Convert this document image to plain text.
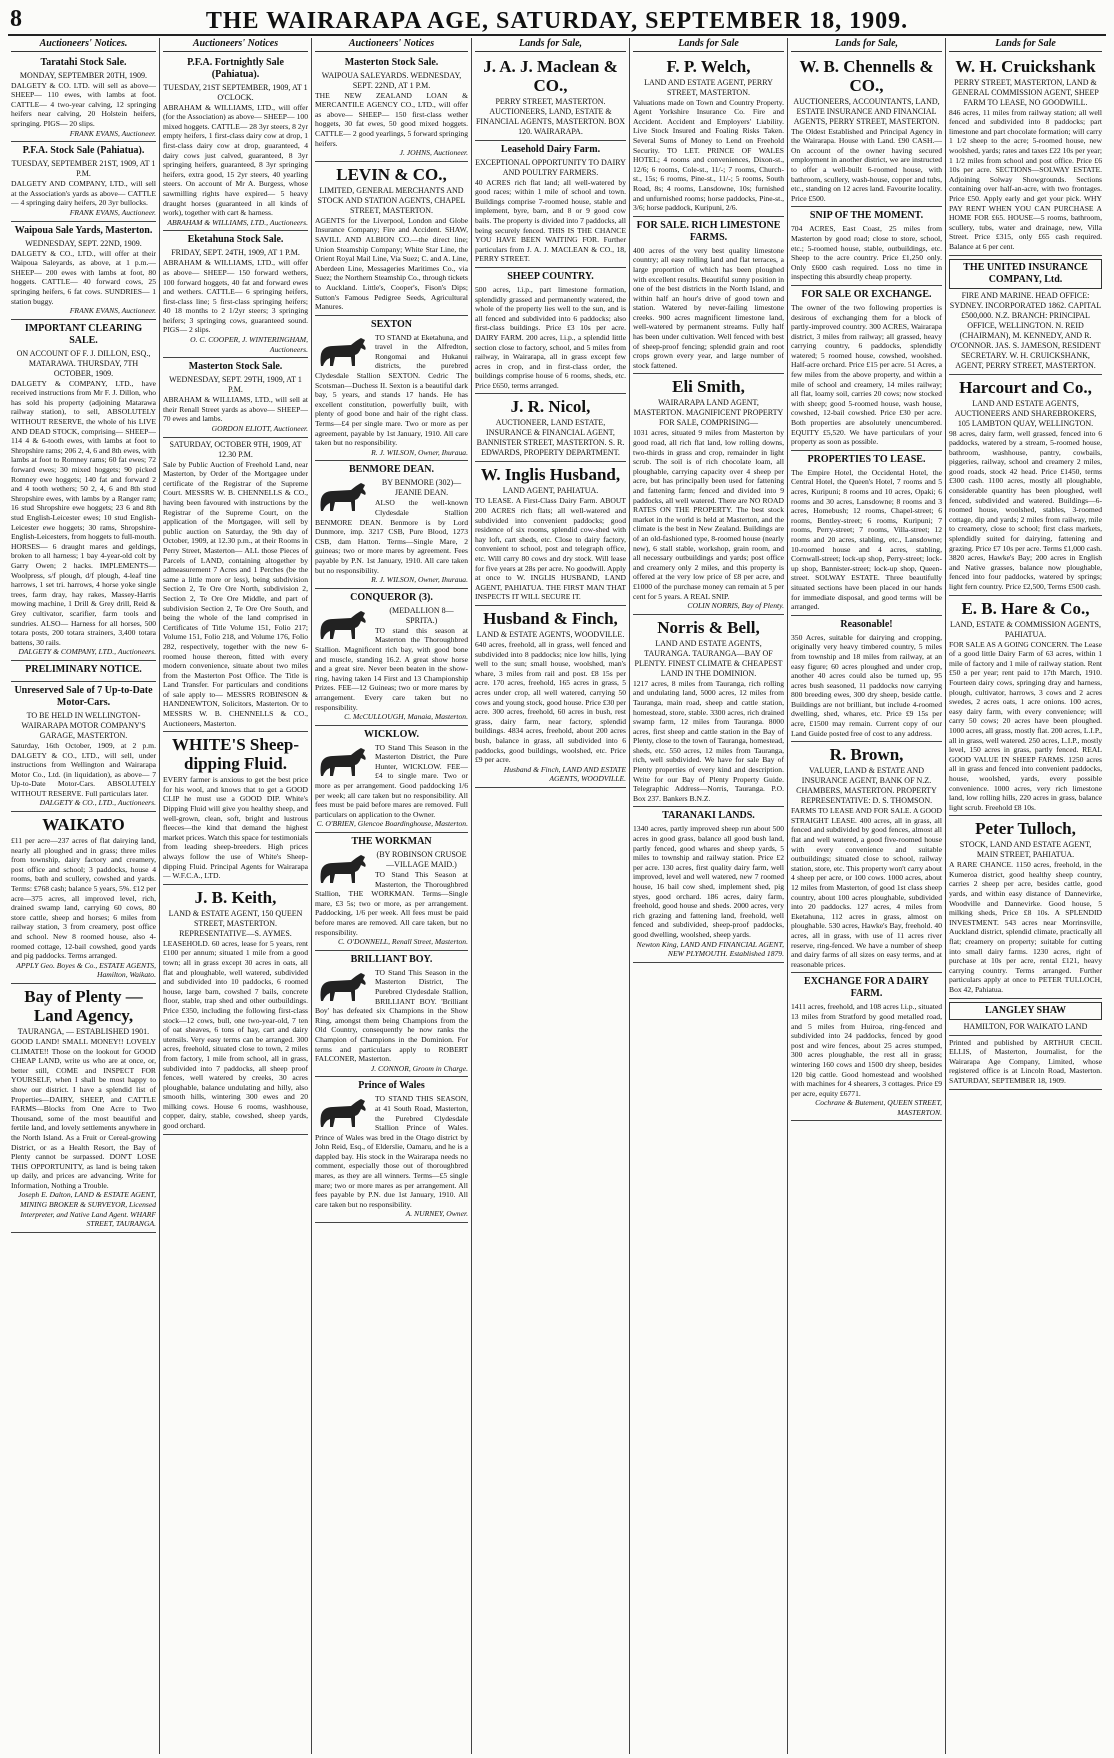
8	THE WAIRARAPA AGE, SATURDAY, SEPTEMBER 18, 1909.
Auctioneers' Notices.
Taratahi Stock Sale.
MONDAY, SEPTEMBER 20TH, 1909.
DALGETY & CO. LTD. will sell as above— SHEEP— 110 ewes, with lambs at foot. CATTLE— 4 two-year calving, 12 springing heifers near calving, 20 Holstein heifers, springing. PIGS— 20 slips.
FRANK EVANS, Auctioneer.
P.F.A. Stock Sale (Pahiatua).
TUESDAY, SEPTEMBER 21ST, 1909, AT 1 P.M.
DALGETY AND COMPANY, LTD., will sell at the Association's yards as above— CATTLE— 4 springing dairy heifers, 20 3yr bullocks.
FRANK EVANS, Auctioneer.
Waipoua Sale Yards, Masterton.
WEDNESDAY, SEPT. 22ND, 1909.
DALGETY & CO., LTD., will offer at their Waipoua Saleyards, as above, at 1 p.m.— SHEEP— 200 ewes with lambs at foot, 80 hoggets. CATTLE— 40 forward cows, 25 springing heifers, 6 fat cows. SUNDRIES— 1 station buggy.
FRANK EVANS, Auctioneer.
IMPORTANT CLEARING SALE.
ON ACCOUNT OF F. J. DILLON, ESQ., MATARAWA. THURSDAY, 7TH OCTOBER, 1909.
DALGETY & COMPANY, LTD., have received instructions from Mr F. J. Dillon, who has sold his property (adjoining Matarawa railway station), to sell, ABSOLUTELY WITHOUT RESERVE, the whole of his LIVE AND DEAD STOCK, comprising— SHEEP— 114 4 & 6-tooth ewes, with lambs at foot to Shropshire rams; 206 2, 4, 6 and 8th ewes, with lambs at foot to Romney rams; 60 fat ewes; 72 forward ewes; 30 mixed hoggets; 90 picked Romney ewe hoggets; 140 fat and forward 2 and 4 tooth wethers; 50 2, 4, 6 and 8th stud Shropshire ewes, with lambs by a Ranger ram; 16 stud Shropshire ewe hoggets; 23 6 and 8th stud English-Leicester ewes; 10 stud English-Leicester ewe hoggets; 30 rams, Shropshire-English-Leicesters, from hoggets to full-mouth. HORSES— 6 draught mares and geldings, broken to all harness; 1 bay 4-year-old colt by Garry Owen; 2 hacks. IMPLEMENTS— Woolpress, s/f plough, d/f plough, 4-leaf tine harrows, 1 set tri. harrows, 4 horse yoke single trees, farm dray, hay rakes, Massey-Harris mowing machine, 1 Drill & Grey drill, Reid & Grey cultivator, scarifier, farm tools and sundries. ALSO— Harness for all horses, 500 totara posts, 200 totara strainers, 3,400 totara battens, 30 rails.
DALGETY & COMPANY, LTD., Auctioneers.
PRELIMINARY NOTICE.
Unreserved Sale of 7 Up-to-Date Motor-Cars.
TO BE HELD IN WELLINGTON-WAIRARAPA MOTOR COMPANY'S GARAGE, MASTERTON.
Saturday, 16th October, 1909, at 2 p.m. DALGETY & CO., LTD., will sell, under instructions from Wellington and Wairarapa Motor Co., Ltd. (in liquidation), as above— 7 Up-to-Date Motor-Cars. ABSOLUTELY WITHOUT RESERVE. Full particulars later.
DALGETY & CO., LTD., Auctioneers.
WAIKATO
£11 per acre—237 acres of flat dairying land, nearly all ploughed and in grass; three miles from township, dairy factory and creamery, post office and school; 3 paddocks, house 4 rooms, bath and scullery, cowshed and yards. Terms: £768 cash; balance 5 years, 5%. £12 per acre—375 acres, all improved level, rich, drained swamp land, carrying 60 cows, 80 store cattle, sheep and horses; 6 miles from railway station, 3 from creamery, post office and school. New 8 roomed house, also 4-roomed cottage, 12-bail cowshed, good yards and pig paddocks. Terms arranged.
APPLY Geo. Boyes & Co., ESTATE AGENTS, Hamilton, Waikato.
Bay of Plenty — Land Agency,
TAURANGA, — ESTABLISHED 1901.
GOOD LAND! SMALL MONEY!! LOVELY CLIMATE!! Those on the lookout for GOOD CHEAP LAND, write us who are at once, or, better still, COME and INSPECT FOR YOURSELF, when I shall be most happy to show our district. I have a splendid list of Properties—DAIRY, SHEEP, and CATTLE FARMS—Blocks from One Acre to Two Thousand, some of the most beautiful and fertile land, and lovely settlements anywhere in the North Island. As a Fruit or Cereal-growing District, or as a Health Resort, the Bay of Plenty cannot be surpassed. DON'T LOSE THIS OPPORTUNITY, as land is being taken up daily, and prices are advancing. Write for Information, Nothing a Trouble.
Joseph E. Dalton, LAND & ESTATE AGENT, MINING BROKER & SURVEYOR, Licensed Interpreter, and Native Land Agent. WHARF STREET, TAURANGA.
Auctioneers' Notices
P.F.A. Fortnightly Sale (Pahiatua).
TUESDAY, 21ST SEPTEMBER, 1909, AT 1 O'CLOCK.
ABRAHAM & WILLIAMS, LTD., will offer (for the Association) as above— SHEEP— 100 mixed hoggets. CATTLE— 28 3yr steers, 8 2yr empty heifers, 1 first-class dairy cow at drop, 1 first-class dairy cow at drop, guaranteed, 4 dairy cows just calved, guaranteed, 8 3yr springing heifers, guaranteed, 8 3yr springing heifers, extra good, 15 2yr steers, 40 yearling steers. On account of Mr A. Burgess, whose sawmilling rights have expired— 5 heavy draught horses (guaranteed in all kinds of work), together with cart & harness.
ABRAHAM & WILLIAMS, LTD., Auctioneers.
Eketahuna Stock Sale.
FRIDAY, SEPT. 24TH, 1909, AT 1 P.M.
ABRAHAM & WILLIAMS, LTD., will offer as above— SHEEP— 150 forward wethers, 100 forward hoggets, 40 fat and forward ewes and wethers. CATTLE— 6 springing heifers, first-class line; 5 first-class springing heifers; 40 18 months to 2 1/2yr steers; 3 springing heifers; 3 springing cows, guaranteed sound. PIGS— 2 slips.
O. C. COOPER, J. WINTERINGHAM, Auctioneers.
Masterton Stock Sale.
WEDNESDAY, SEPT. 29TH, 1909, AT 1 P.M.
ABRAHAM & WILLIAMS, LTD., will sell at their Renall Street yards as above— SHEEP— 70 ewes and lambs.
GORDON ELIOTT, Auctioneer.
SATURDAY, OCTOBER 9TH, 1909, AT 12.30 P.M.
Sale by Public Auction of Freehold Land, near Masterton, by Order of the Mortgagee under certificate of the Registrar of the Supreme Court. MESSRS W. B. CHENNELLS & CO., having been favoured with instructions by the Registrar of the Supreme Court, on the application of the Mortgagee, will sell by public auction on Saturday, the 9th day of October, 1909, at 12.30 p.m., at their Rooms in Perry Street, Masterton— ALL those Pieces of Parcels of LAND, containing altogether by admeasurement 7 Acres and 1 Perches (be the same a little more or less), being subdivision Section 2, Te Ore Ore North, subdivision 2, Section 2, Te Ore Ore Middle, and part of subdivision Section 2, Te Ore Ore South, and being the whole of the land comprised in Certificates of Title Volume 151, Folio 217; Volume 151, Folio 218, and Volume 176, Folio 282, respectively, together with the new 6-roomed house thereon, fitted with every modern convenience, situate about two miles from the Masterton Post Office. The Title is Land Transfer. For particulars and conditions of sale apply to— MESSRS ROBINSON & HANDNEWTON, Solicitors, Masterton. Or to MESSRS W. B. CHENNELLS & CO., Auctioneers, Masterton.
WHITE'S Sheep-dipping Fluid.
EVERY farmer is anxious to get the best price for his wool, and knows that to get a GOOD CLIP he must use a GOOD DIP. White's Dipping Fluid will give you healthy sheep, and well-grown, clean, soft, bright and lustrous fleeces—the kind that demand the highest market prices. Watch this space for testimonials from leading sheep-breeders. High prices always follow the use of White's Sheep-dipping Fluid. Principal Agents for Wairarapa— W.F.C.A., LTD.
J. B. Keith,
LAND & ESTATE AGENT, 150 QUEEN STREET, MASTERTON. REPRESENTATIVE—S. AYMES.
LEASEHOLD. 60 acres, lease for 5 years, rent £100 per annum; situated 1 mile from a good town; all in grass except 30 acres in oats, all flat and ploughable, well watered, subdivided and subdivided into 10 paddocks, 6 roomed house, large barn, cowshed 7 bails, concrete floor, stable, trap shed and other outbuildings. Price £350, including the following first-class stock—12 cows, bull, one two-year-old, 7 ten of oat sheaves, 6 tons of hay, cart and dairy utensils. Very easy terms can be arranged. 300 acres, freehold, situated close to town, 2 miles from factory, 1 mile from school, all in grass, subdivided into 7 paddocks, all sheep proof fences, well watered by creeks, 30 acres ploughable, balance undulating and hilly, also smooth hills, wintering 300 ewes and 20 milking cows. House 6 rooms, washhouse, copper, dairy, stable, cowshed, sheep yards, good orchard.
Auctioneers' Notices
Masterton Stock Sale.
WAIPOUA SALEYARDS. WEDNESDAY, SEPT. 22ND, AT 1 P.M.
THE NEW ZEALAND LOAN & MERCANTILE AGENCY CO., LTD., will offer as above— SHEEP— 150 first-class wether hoggets, 30 fat ewes, 50 good mixed hoggets. CATTLE— 2 good yearlings, 5 forward springing heifers.
J. JOHNS, Auctioneer.
LEVIN & CO.,
LIMITED, GENERAL MERCHANTS AND STOCK AND STATION AGENTS, CHAPEL STREET, MASTERTON.
AGENTS for the Liverpool, London and Globe Insurance Company; Fire and Accident. SHAW, SAVILL AND ALBION CO.—the direct line; Union Steamship Company; White Star Line, the Orient Royal Mail Line, Via Suez; C. and A. Line, Aberdeen Line, Messageries Maritimes Co., via Suez; the Northern Steamship Co., through tickets to Auckland. Little's, Cooper's, Fison's Dips; Sutton's Famous Pedigree Seeds, Agricultural Manures.
SEXTON
TO STAND at Eketahuna, and travel in the Alfredton, Rongomai and Hukanui districts, the purebred Clydesdale Stallion SEXTON. Cedric The Scotsman—Duchess II. Sexton is a beautiful dark bay, 5 years, and stands 17 hands. He has excellent constitution, powerfully built, with plenty of good bone and hair of the right class. Terms—£4 per single mare. Two or more as per agreement, payable by 1st January, 1910. All care taken but no responsibility.
R. J. WILSON, Owner, Ihuraua.
BENMORE DEAN.
BY BENMORE (302)—JEANIE DEAN.
ALSO the well-known Clydesdale Stallion BENMORE DEAN. Benmore is by Lord Dunmore, imp. 3217 CSB, Pure Blood, 1273 CSB, dam Hatton. Terms—Single Mare, 2 guineas; two or more mares by agreement. Fees payable by P.N. 1st January, 1910. All care taken but no responsibility.
R. J. WILSON, Owner, Ihuraua.
CONQUEROR (3).
(MEDALLION 8—SPRITA.)
TO stand this season at Masterton the Thoroughbred Stallion. Magnificent rich bay, with good bone and muscle, standing 16.2. A great show horse and a great sire. Never been beaten in the show-ring, having taken 14 First and 13 Championship Prizes. FEE—12 Guineas; two or more mares by arrangement. Every care taken but no responsibility.
C. McCULLOUGH, Manaia, Masterton.
WICKLOW.
TO Stand This Season in the Masterton District, the Pure Hunter, WICKLOW. FEE—£4 to single mare. Two or more as per arrangement. Good paddocking 1/6 per week; all care taken but no responsibility. All fees must be paid before mares are removed. Full particulars on application to the Owner.
C. O'BRIEN, Glencoe Boardinghouse, Masterton.
THE WORKMAN
(BY ROBINSON CRUSOE—VILLAGE MAID.)
TO Stand This Season at Masterton, the Thoroughbred Stallion, THE WORKMAN. Terms—Single mare, £3 5s; two or more, as per arrangement. Paddocking, 1/6 per week. All fees must be paid before mares are removed. All care taken, but no responsibility.
C. O'DONNELL, Renall Street, Masterton.
BRILLIANT BOY.
TO Stand This Season in the Masterton District, The Purebred Clydesdale Stallion, BRILLIANT BOY. 'Brilliant Boy' has defeated six Champions in the Show Ring, amongst them being Champions from the Old Country, consequently he now ranks the Champion of Champions in the Dominion. For terms and particulars apply to ROBERT FALCONER, Masterton.
J. CONNOR, Groom in Charge.
Prince of Wales
TO STAND THIS SEASON, at 41 South Road, Masterton, the Purebred Clydesdale Stallion Prince of Wales. Prince of Wales was bred in the Otago district by John Reid, Esq., of Elderslie, Oamaru, and he is a dappled bay. His stock in the Wairarapa needs no comment, especially those out of thoroughbred mares, as they are all winners. Terms—£5 single mare; two or more mares as per arrangement. All fees payable by P.N. due 1st January, 1910. All care taken but no responsibility.
A. NURNEY, Owner.
Lands for Sale,
J. A. J. Maclean & CO.,
PERRY STREET, MASTERTON. AUCTIONEERS, LAND, ESTATE & FINANCIAL AGENTS, MASTERTON. BOX 120. WAIRARAPA.
Leasehold Dairy Farm.
EXCEPTIONAL OPPORTUNITY TO DAIRY AND POULTRY FARMERS.
40 ACRES rich flat land; all well-watered by good races; within 1 mile of school and town. Buildings comprise 7-roomed house, stable and implement, byre, barn, and 8 or 9 good cow bails. The property is divided into 7 paddocks, all being securely fenced. THIS IS THE CHANCE YOU HAVE BEEN WAITING FOR. Further particulars from J. A. J. MACLEAN & CO., 18, PERRY STREET.
SHEEP COUNTRY.
500 acres, l.i.p., part limestone formation, splendidly grassed and permanently watered, the whole of the property lies well to the sun, and is all fenced and subdivided into 6 paddocks; also first-class buildings. Price £3 10s per acre. DAIRY FARM. 200 acres, l.i.p., a splendid little section close to factory, school, and 5 miles from railway, in Wairarapa, all in grass except few acres in crop, and in first-class order, the buildings comprise house of 6 rooms, sheds, etc. Price £650, terms arranged.
J. R. Nicol,
AUCTIONEER, LAND ESTATE, INSURANCE & FINANCIAL AGENT, BANNISTER STREET, MASTERTON. S. R. EDWARDS, PROPERTY DEPARTMENT.
W. Inglis Husband,
LAND AGENT, PAHIATUA.
TO LEASE. A First-Class Dairy Farm. ABOUT 200 ACRES rich flats; all well-watered and subdivided into convenient paddocks; good residence of six rooms, splendid cow-shed with hay loft, cart sheds, etc. Close to dairy factory, convenient to school, post and telegraph office, etc. Will carry 80 cows and dry stock. Will lease for five years at 28s per acre. No goodwill. Apply at once to W. INGLIS HUSBAND, LAND AGENT, PAHIATUA. THE FIRST MAN THAT INSPECTS IT WILL SECURE IT.
Husband & Finch,
LAND & ESTATE AGENTS, WOODVILLE.
640 acres, freehold, all in grass, well fenced and subdivided into 8 paddocks; nice low hills, lying well to the sun; small house, woolshed, man's whare, 3 miles from rail and post. £8 15s per acre. 170 acres, freehold, 165 acres in grass, 5 acres under crop, all well watered, carrying 50 cows and young stock, good house. Price £30 per acre. 300 acres, freehold, 60 acres in bush, rest grass, dairy farm, near factory, splendid buildings. 4834 acres, freehold, about 200 acres bush, balance in grass, all subdivided into 6 paddocks, good buildings, woolshed, etc. Price £9 per acre.
Husband & Finch, LAND AND ESTATE AGENTS, WOODVILLE.
Lands for Sale
F. P. Welch,
LAND AND ESTATE AGENT, PERRY STREET, MASTERTON.
Valuations made on Town and Country Property. Agent Yorkshire Insurance Co. Fire and Accident. Accident and Employers' Liability. Live Stock Insured and Foaling Risks Taken. Several Sums of Money to Lend on Freehold Security. TO LET. PRINCE OF WALES HOTEL; 4 rooms and conveniences, Dixon-st., 12/6; 6 rooms, Cole-st., 11/-; 7 rooms, Church-st., 15s; 6 rooms, Pine-st., 11/-; 5 rooms, South Road, 8s; 4 rooms, Lansdowne, 10s; furnished and unfurnished rooms; horse paddocks, Pine-st., 3/6; horse paddock, Kuripuni, 2/6.
FOR SALE. RICH LIMESTONE FARMS.
400 acres of the very best quality limestone country; all easy rolling land and flat terraces, a large proportion of which has been ploughed with excellent results. Beautiful sunny position in one of the best districts in the North Island, and within half an hour's drive of good town and station. Watered by never-failing limestone creeks. 900 acres magnificent limestone land, well-watered by permanent streams. Fully half has been under cultivation. Well fenced with best of sheep-proof fencing; splendid grain and root crops grown every year, and large number of stock fattened.
Eli Smith,
WAIRARAPA LAND AGENT, MASTERTON. MAGNIFICENT PROPERTY FOR SALE, COMPRISING—
1031 acres, situated 9 miles from Masterton by good road, all rich flat land, low rolling downs, two-thirds in grass and crop, remainder in light scrub. The soil is of rich chocolate loam, all ploughable, carrying capacity over 4 sheep per acre, but has principally been used for fattening and fattening farm; fenced and divided into 9 paddocks, all well watered. There are NO ROAD RATES ON THE PROPERTY. The best stock market in the world is held at Masterton, and the climate is the best in New Zealand. Buildings are of an old-fashioned type, 8-roomed house (nearly new), 6 stall stable, workshop, grain room, and all necessary outbuildings and yards; post office and creamery only 2 miles, and this property is offered at the very low price of £8 per acre, and £1000 of the purchase money can remain at 5 per cent for 5 years. A REAL SNIP.
COLIN NORRIS, Bay of Plenty.
Norris & Bell,
LAND AND ESTATE AGENTS, TAURANGA. TAURANGA—BAY OF PLENTY. FINEST CLIMATE & CHEAPEST LAND IN THE DOMINION.
1217 acres, 8 miles from Tauranga, rich rolling and undulating land, 5000 acres, 12 miles from Tauranga, main road, sheep and cattle station, homestead, store, stable. 3300 acres, rich drained swamp farm, 12 miles from Tauranga. 8000 acres, first sheep and cattle station in the Bay of Plenty, close to the town of Tauranga, homestead, sheds, etc. 550 acres, 12 miles from Tauranga, rich, well subdivided. We have for sale Bay of Plenty properties of every kind and description. Write for our Bay of Plenty Property Guide. Telegraphic Address—Norris, Tauranga. P.O. Box 237. Bankers B.N.Z.
TARANAKI LANDS.
1340 acres, partly improved sheep run about 500 acres in good grass, balance all good bush land, partly fenced, good whares and sheep yards, 5 miles to township and railway station. Price £2 per acre. 130 acres, first quality dairy farm, well improved, level and well watered, new 7 roomed house, 16 bail cow shed, implement shed, pig styes, good orchard. 186 acres, dairy farm, freehold, good house and sheds. 2000 acres, very rich grazing and fattening land, freehold, well fenced and subdivided, sheep-proof paddocks, good dwelling, woolshed, sheep yards.
Newton King, LAND AND FINANCIAL AGENT, NEW PLYMOUTH. Established 1879.
Lands for Sale,
W. B. Chennells & CO.,
AUCTIONEERS, ACCOUNTANTS, LAND, ESTATE INSURANCE AND FINANCIAL AGENTS, PERRY STREET, MASTERTON.
The Oldest Established and Principal Agency in the Wairarapa. House with Land. £90 CASH.—On account of the owner having secured employment in another district, we are instructed to offer a well-built 6-roomed house, with bathroom, scullery, wash-house, copper and tubs, etc., standing on 12 acres land. Favourite locality. Price £500.
SNIP OF THE MOMENT.
704 ACRES, East Coast, 25 miles from Masterton by good road; close to store, school, etc.; 5-roomed house, stable, outbuildings, etc. Sheep to the acre country. Price £1,250 only. Only £600 cash required. Loss no time in inspecting this absurdly cheap property.
FOR SALE OR EXCHANGE.
The owner of the two following properties is desirous of exchanging them for a block of partly-improved country. 300 ACRES, Wairarapa district, 3 miles from railway; all grassed, heavy carrying country, 6 paddocks, splendidly watered; 5 roomed house, cowshed, woolshed. Half-acre orchard. Price £15 per acre. 51 Acres, a few miles from the above property, and within a mile of school and creamery, 14 miles railway; all flat, loamy soil, carries 20 cows; now stocked with sheep; good 5-roomed house, wash house, cowshed, 12-bail cowshed. Price £30 per acre. Both properties are absolutely unencumbered. EQUITY £5,520. We have particulars of your property as soon as possible.
PROPERTIES TO LEASE.
The Empire Hotel, the Occidental Hotel, the Central Hotel, the Queen's Hotel, 7 rooms and 5 acres, Kuripuni; 8 rooms and 10 acres, Opaki; 6 rooms and 30 acres, Lansdowne; 8 rooms and 3 acres, Homebush; 12 rooms, Chapel-street; 6 rooms, Bentley-street; 6 rooms, Kuripuni; 7 rooms, Perry-street; 7 rooms, Villa-street; 12 rooms and 20 acres, stabling, etc., Lansdowne; 10-roomed house and 4 acres, stabling, Cornwall-street; lock-up shop, Perry-street; lock-up shop, Bannister-street; lock-up shop, Queen-street. SOLWAY ESTATE. Three beautifully situated sections have been placed in our hands for immediate disposal, and good terms will be arranged.
Reasonable!
350 Acres, suitable for dairying and cropping, originally very heavy timbered country, 5 miles from township and 18 miles from railway, at an easy figure; 60 acres ploughed and under crop, another 40 acres could also be turned up, 95 acres bush seasoned, 11 paddocks now carrying 800 breeding ewes, 300 dry sheep, beside cattle. Buildings are not brilliant, but include 4-roomed dwelling, shed, whares, etc. Price £9 15s per acre, £1500 may remain. Current copy of our Land Guide posted free of cost to any address.
R. Brown,
VALUER, LAND & ESTATE AND INSURANCE AGENT, BANK OF N.Z. CHAMBERS, MASTERTON. PROPERTY REPRESENTATIVE: D. S. THOMSON.
FARMS TO LEASE AND FOR SALE. A GOOD STRAIGHT LEASE. 400 acres, all in grass, all fenced and subdivided by good fences, almost all flat and well watered, a good five-roomed house with every convenience and suitable outbuildings; situated close to school, railway station, store, etc. This property won't carry about 4 sheep per acre, or 100 cows. 1000 acres, about 12 miles from Masterton, of good 1st class sheep country, about 100 acres ploughable, subdivided into 20 paddocks. 127 acres, 4 miles from Eketahuna, 112 acres in grass, almost on ploughable. 530 acres, Hawke's Bay, freehold. 40 acres, all in grass, with use of 11 acres river reserve, ring-fenced. We have a number of sheep and dairy farms of all sizes on easy terms, and at reasonable prices.
EXCHANGE FOR A DAIRY FARM.
1411 acres, freehold, and 108 acres l.i.p., situated 13 miles from Stratford by good metalled road, and 5 miles from Huiroa, ring-fenced and subdivided into 24 paddocks, fenced by good post and wire fences, about 25 acres stumped, 300 acres ploughable, the rest all in grass; wintering 160 cows and 1500 dry sheep, besides 120 big cattle. Good homestead and woolshed with machines for 4 shearers, 3 cottages. Price £9 per acre, equity £6771.
Cochrane & Butement, QUEEN STREET, MASTERTON.
Lands for Sale
W. H. Cruickshank
PERRY STREET, MASTERTON, LAND & GENERAL COMMISSION AGENT, SHEEP FARM TO LEASE, NO GOODWILL.
846 acres, 11 miles from railway station; all well fenced and subdivided into 8 paddocks; part limestone and part chocolate formation; will carry 1 1/2 sheep to the acre; 5-roomed house, new woolshed, yards; rates and taxes £22 10s per year; 1 1/2 miles from school and post office. Price £6 10s per acre. SECTIONS—SOLWAY ESTATE. Adjoining Solway Showgrounds. Sections containing over half-an-acre, with two frontages. Price £50. Apply early and get your pick. WHY PAY RENT WHEN YOU CAN PURCHASE A HOME FOR £65. HOUSE—5 rooms, bathroom, scullery, tubs, water and drainage, new, Villa Street. Price £315, only £65 cash required. Balance at 6 per cent.
THE UNITED INSURANCE COMPANY, Ltd.
FIRE AND MARINE. HEAD OFFICE: SYDNEY. INCORPORATED 1862. CAPITAL £500,000. N.Z. BRANCH: PRINCIPAL OFFICE, WELLINGTON. N. REID (CHAIRMAN), M. KENNEDY, AND R. O'CONNOR. JAS. S. JAMESON, RESIDENT SECRETARY. W. H. CRUICKSHANK, AGENT, PERRY STREET, MASTERTON.
Harcourt and Co.,
LAND AND ESTATE AGENTS, AUCTIONEERS AND SHAREBROKERS, 105 LAMBTON QUAY, WELLINGTON.
98 acres, dairy farm, well grassed, fenced into 6 paddocks, watered by a stream, 5-roomed house, bathroom, washhouse, pantry, cowbails, piggeries, railway, school and creamery 2 miles, good roads, stock 42 head. Price £1450, terms £300 cash. 1100 acres, mostly all ploughable, considerable quantity has been ploughed, well fenced, subdivided and watered. Buildings—6-roomed house, woolshed, stables, 3-roomed cottage, dip and yards; 2 miles from railway, mile to creamery, close to school; first class markets, splendidly suited for dairying, fattening and grazing. Price £7 10s per acre. Terms £1,000 cash. 3820 acres, Hawke's Bay; 200 acres in English and Native grasses, balance now ploughable, fenced into four paddocks, watered by springs; light fern country. Price £2,500, Terms £500 cash.
E. B. Hare & Co.,
LAND, ESTATE & COMMISSION AGENTS, PAHIATUA.
FOR SALE AS A GOING CONCERN. The Lease of a good little Dairy Farm of 63 acres, within 1 mile of factory and 1 mile of railway station. Rent £50 a per year; rent paid to 17th March, 1910. Fourteen dairy cows, springing dray and harness, plough, cultivator, harrows, 3 cows and 2 acres swedes, 2 acres oats, 1 acre onions. 100 acres, easy dairy farm, with every convenience; will carry 50 cows; 20 acres have been ploughed. 1000 acres, all grass, mostly flat. 200 acres, L.I.P., all in grass, well watered. 250 acres, L.I.P., mostly level, 150 acres in grass, partly fenced. REAL GOOD VALUE IN SHEEP FARMS. 1250 acres all in grass and fenced into convenient paddocks, house, woolshed, yards, every possible convenience. 1000 acres, very rich limestone land, low rolling hills, 220 acres in grass, balance light scrub. Freehold £8 10s.
Peter Tulloch,
STOCK, LAND AND ESTATE AGENT, MAIN STREET, PAHIATUA.
A RARE CHANCE. 1150 acres, freehold, in the Kumeroa district, good healthy sheep country, carries 2 sheep per acre, besides cattle, good yards, and within easy distance of Dannevirke, Woodville and Dannevirke. Good house, 5 milking sheds, Price £8 10s. A SPLENDID INVESTMENT. 543 acres near Morrinsville, Auckland district, splendid climate, practically all flat; creamery on property; suitable for cutting into small dairy farms. 1230 acres, right of purchase at 10s per acre, rental £121, heavy carrying country. Terms arranged. Further particulars apply at once to PETER TULLOCH, Box 42, Pahiatua.
LANGLEY SHAW
HAMILTON, FOR WAIKATO LAND
Printed and published by ARTHUR CECIL ELLIS, of Masterton, Journalist, for the Wairarapa Age Company, Limited, whose registered office is at Lincoln Road, Masterton. SATURDAY, SEPTEMBER 18, 1909.
